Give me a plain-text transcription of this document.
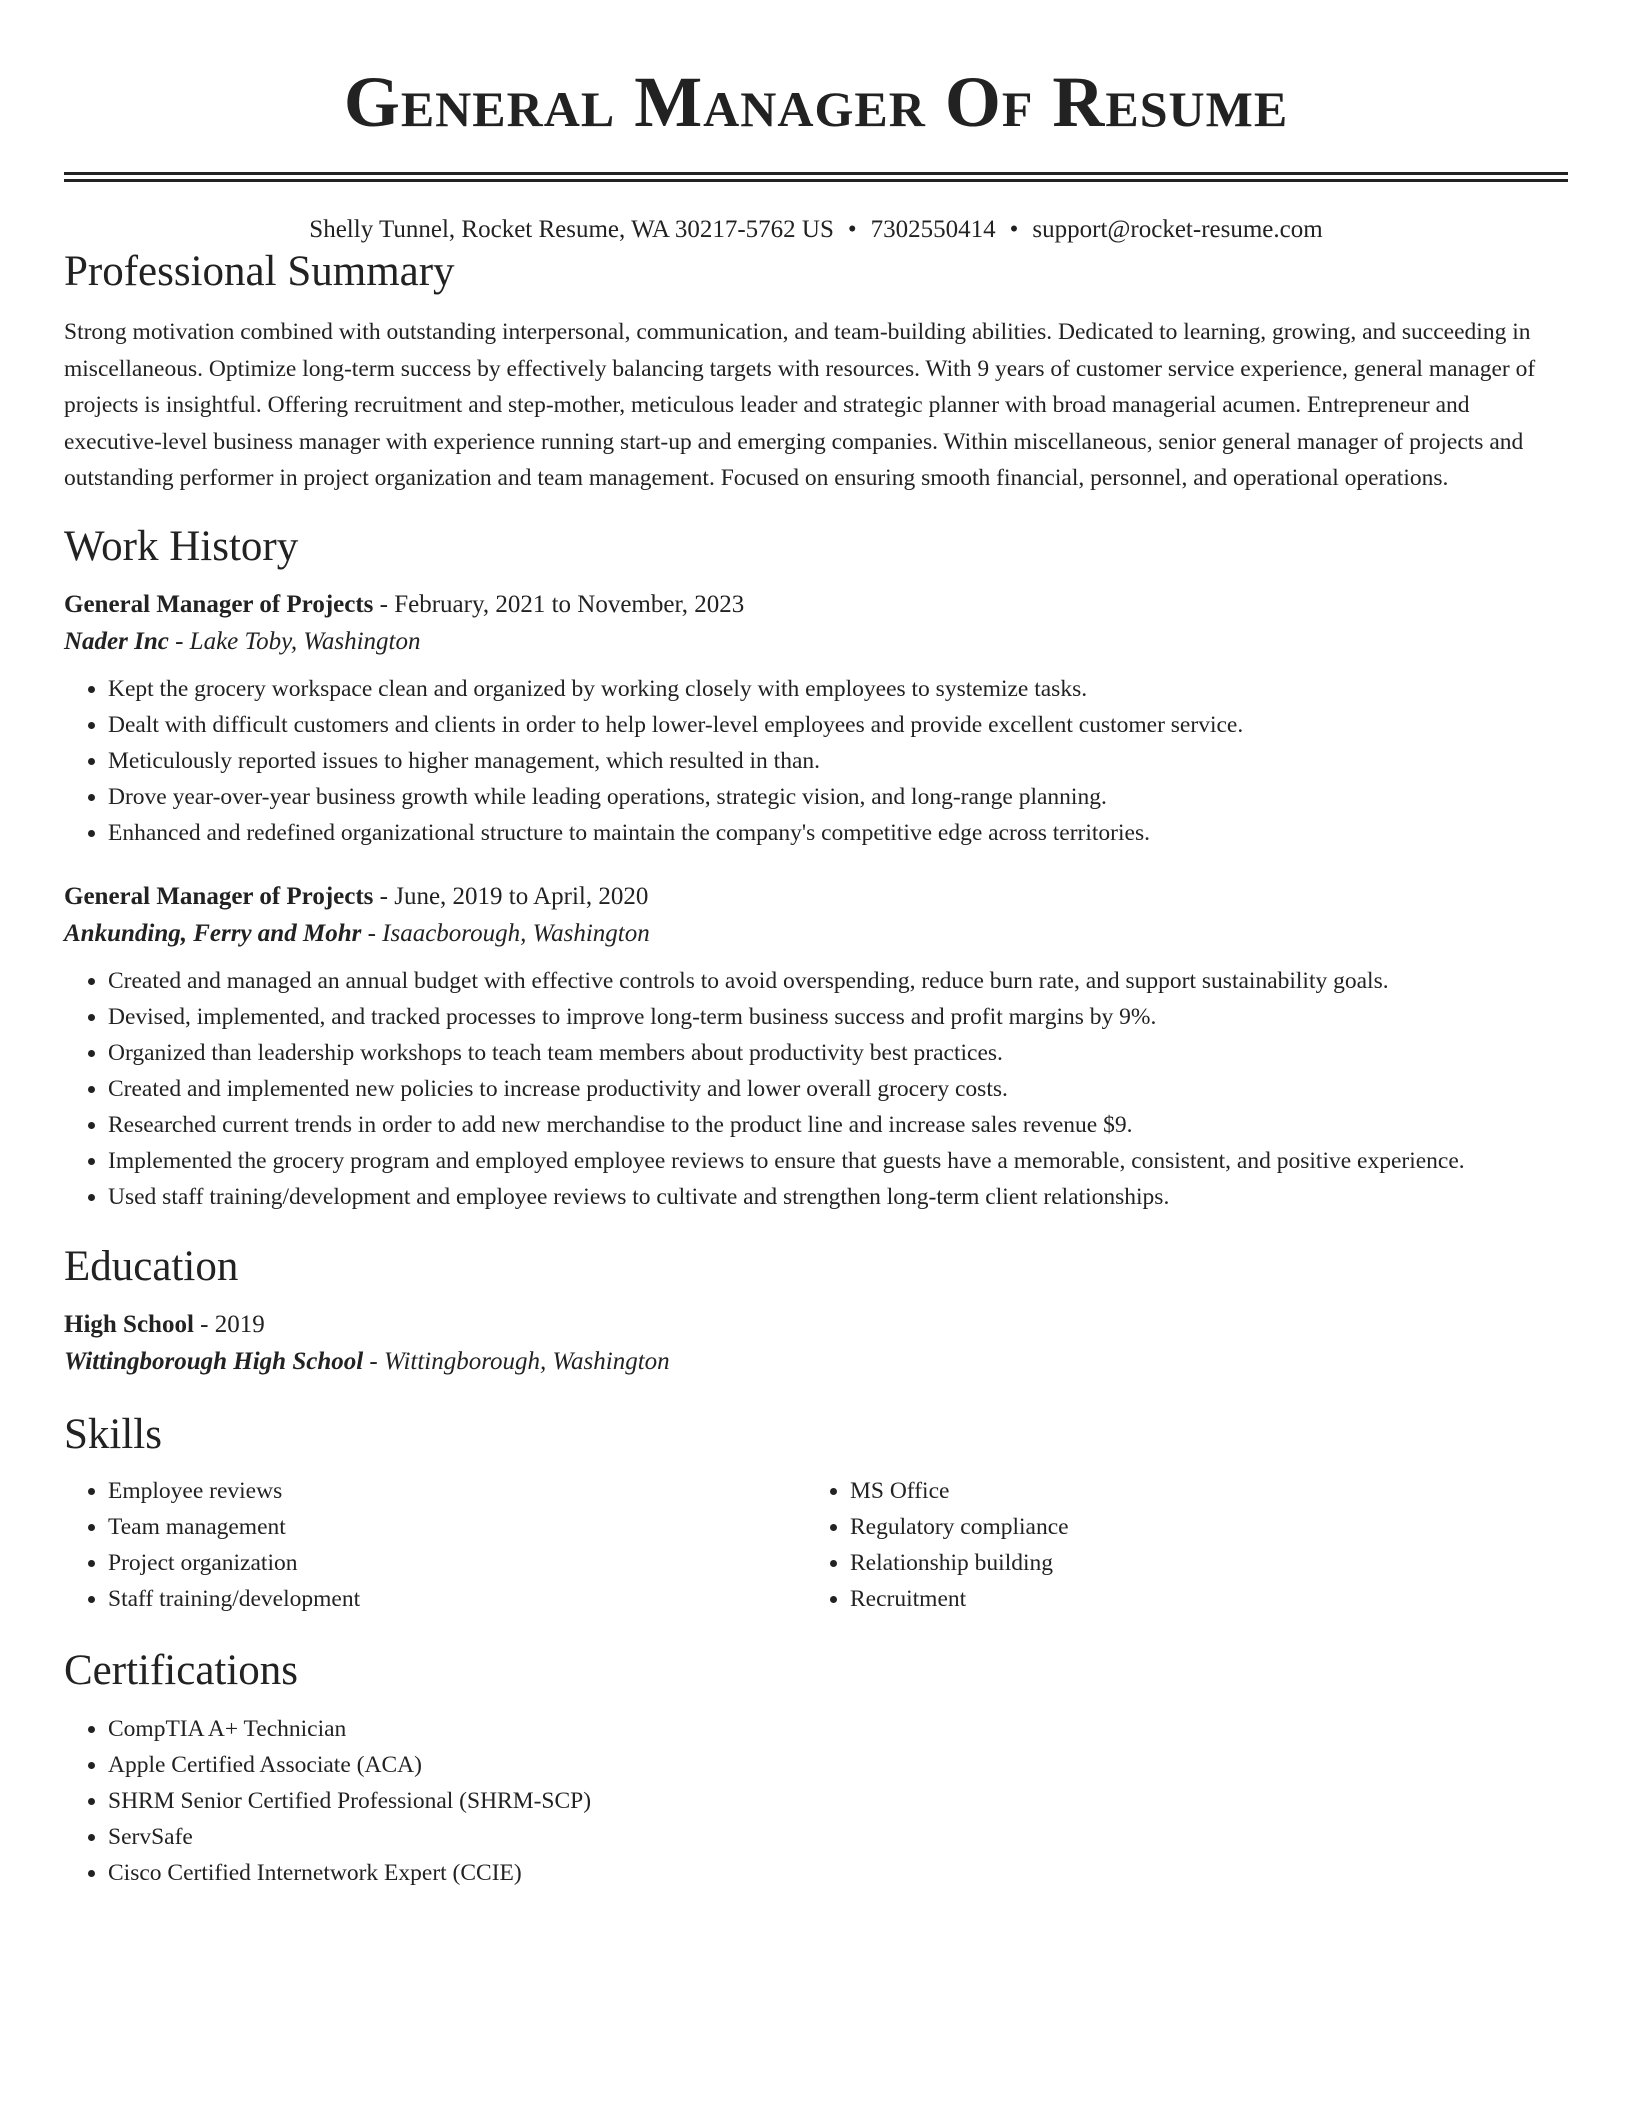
General Manager Of Resume
Shelly Tunnel, Rocket Resume, WA 30217-5762 US • 7302550414 • support@rocket-resume.com
Professional Summary

Strong motivation combined with outstanding interpersonal, communication, and team-building abilities. Dedicated to learning, growing, and succeeding in miscellaneous. Optimize long-term success by effectively balancing targets with resources. With 9 years of customer service experience, general manager of projects is insightful. Offering recruitment and step-mother, meticulous leader and strategic planner with broad managerial acumen. Entrepreneur and executive-level business manager with experience running start-up and emerging companies. Within miscellaneous, senior general manager of projects and outstanding performer in project organization and team management. Focused on ensuring smooth financial, personnel, and operational operations.

Work History
General Manager of Projects - February, 2021 to November, 2023
Nader Inc - Lake Toby, Washington
• Kept the grocery workspace clean and organized by working closely with employees to systemize tasks.
• Dealt with difficult customers and clients in order to help lower-level employees and provide excellent customer service.
• Meticulously reported issues to higher management, which resulted in than.
• Drove year-over-year business growth while leading operations, strategic vision, and long-range planning.
• Enhanced and redefined organizational structure to maintain the company's competitive edge across territories.
General Manager of Projects - June, 2019 to April, 2020
Ankunding, Ferry and Mohr - Isaacborough, Washington
• Created and managed an annual budget with effective controls to avoid overspending, reduce burn rate, and support sustainability goals.
• Devised, implemented, and tracked processes to improve long-term business success and profit margins by 9%.
• Organized than leadership workshops to teach team members about productivity best practices.
• Created and implemented new policies to increase productivity and lower overall grocery costs.
• Researched current trends in order to add new merchandise to the product line and increase sales revenue $9.
• Implemented the grocery program and employed employee reviews to ensure that guests have a memorable, consistent, and positive experience.
• Used staff training/development and employee reviews to cultivate and strengthen long-term client relationships.
Education
High School - 2019
Wittingborough High School - Wittingborough, Washington
Skills
• Employee reviews
• Team management
• Project organization
• Staff training/development
• MS Office
• Regulatory compliance
• Relationship building
• Recruitment
Certifications
• CompTIA A+ Technician
• Apple Certified Associate (ACA)
• SHRM Senior Certified Professional (SHRM-SCP)
• ServSafe
• Cisco Certified Internetwork Expert (CCIE)
